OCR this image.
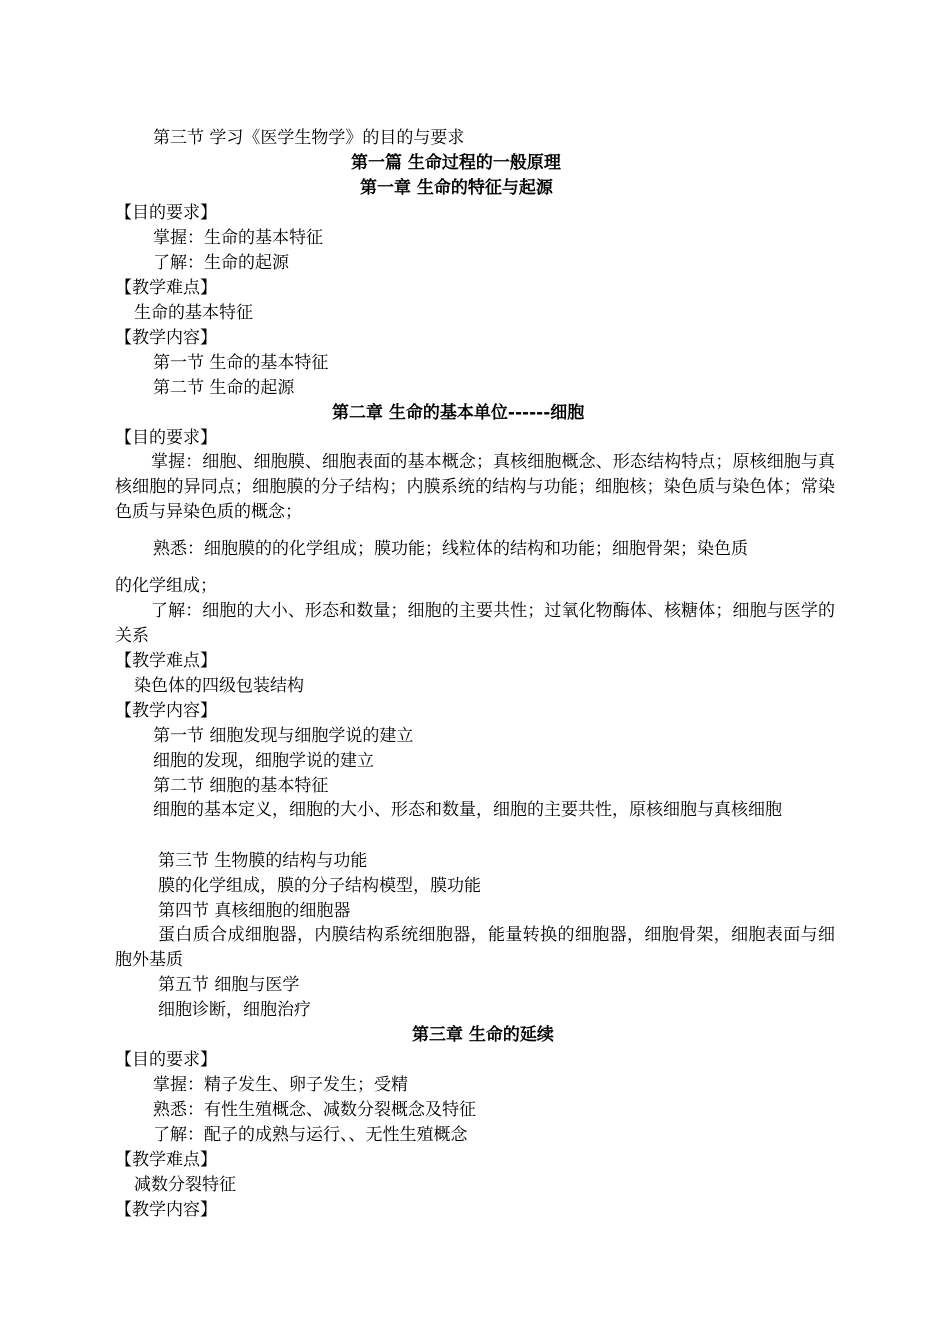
第三节 学习《医学生物学》的目的与要求
第一篇 生命过程的一般原理
第一章 生命的特征与起源
【目的要求】
掌握：生命的基本特征
了解：生命的起源
【教学难点】
生命的基本特征
【教学内容】
第一节 生命的基本特征
第二节 生命的起源
第二章 生命的基本单位------细胞
【目的要求】
掌握：细胞、细胞膜、细胞表面的基本概念；真核细胞概念、形态结构特点；原核细胞与真核细胞的异同点；细胞膜的分子结构；内膜系统的结构与功能；细胞核；染色质与染色体；常染色质与异染色质的概念；
熟悉：细胞膜的的化学组成；膜功能；线粒体的结构和功能；细胞骨架；染色质
的化学组成；
了解：细胞的大小、形态和数量；细胞的主要共性；过氧化物酶体、核糖体；细胞与医学的关系
【教学难点】
染色体的四级包装结构
【教学内容】
第一节 细胞发现与细胞学说的建立
细胞的发现，细胞学说的建立
第二节 细胞的基本特征
细胞的基本定义，细胞的大小、形态和数量，细胞的主要共性，原核细胞与真核细胞
第三节 生物膜的结构与功能
膜的化学组成，膜的分子结构模型，膜功能
第四节 真核细胞的细胞器
蛋白质合成细胞器，内膜结构系统细胞器，能量转换的细胞器，细胞骨架，细胞表面与细胞外基质
第五节 细胞与医学
细胞诊断，细胞治疗
第三章 生命的延续
【目的要求】
掌握：精子发生、卵子发生；受精
熟悉：有性生殖概念、减数分裂概念及特征
了解：配子的成熟与运行、、无性生殖概念
【教学难点】
减数分裂特征
【教学内容】
